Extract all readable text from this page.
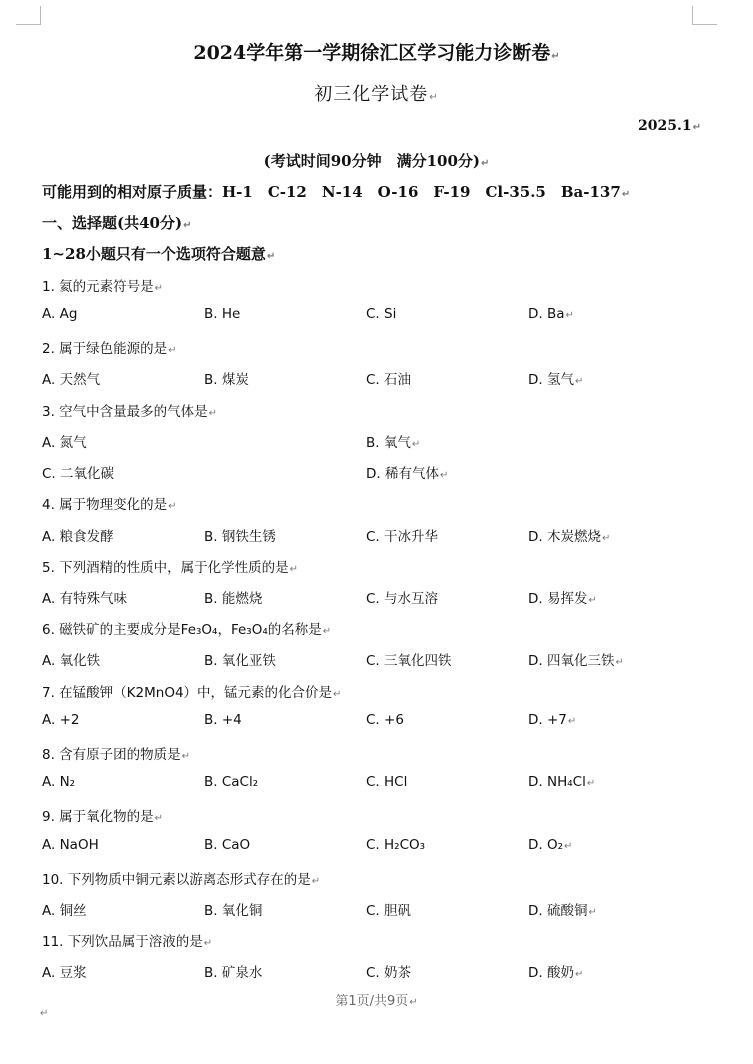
2024学年第一学期徐汇区学习能力诊断卷↵
初三化学试卷↵
2025.1↵
(考试时间90分钟　满分100分)↵
可能用到的相对原子质量：H-1　C-12　N-14　O-16　F-19　Cl-35.5　Ba-137↵
一、选择题(共40分)↵
1~28小题只有一个选项符合题意↵
1. 氦的元素符号是↵
A. Ag	B. He	C. Si	D. Ba↵
2. 属于绿色能源的是↵
A. 天然气	B. 煤炭	C. 石油	D. 氢气↵
3. 空气中含量最多的气体是↵
A. 氮气	B. 氧气↵
C. 二氧化碳	D. 稀有气体↵
4. 属于物理变化的是↵
A. 粮食发酵	B. 钢铁生锈	C. 干冰升华	D. 木炭燃烧↵
5. 下列酒精的性质中，属于化学性质的是↵
A. 有特殊气味	B. 能燃烧	C. 与水互溶	D. 易挥发↵
6. 磁铁矿的主要成分是Fe₃O₄，Fe₃O₄的名称是↵
A. 氧化铁	B. 氧化亚铁	C. 三氧化四铁	D. 四氧化三铁↵
7. 在锰酸钾（K2MnO4）中，锰元素的化合价是↵
A. +2	B. +4	C. +6	D. +7↵
8. 含有原子团的物质是↵
A. N₂	B. CaCl₂	C. HCl	D. NH₄Cl↵
9. 属于氧化物的是↵
A. NaOH	B. CaO	C. H₂CO₃	D. O₂↵
10. 下列物质中铜元素以游离态形式存在的是↵
A. 铜丝	B. 氧化铜	C. 胆矾	D. 硫酸铜↵
11. 下列饮品属于溶液的是↵
A. 豆浆	B. 矿泉水	C. 奶茶	D. 酸奶↵
第1页/共9页↵
↵
